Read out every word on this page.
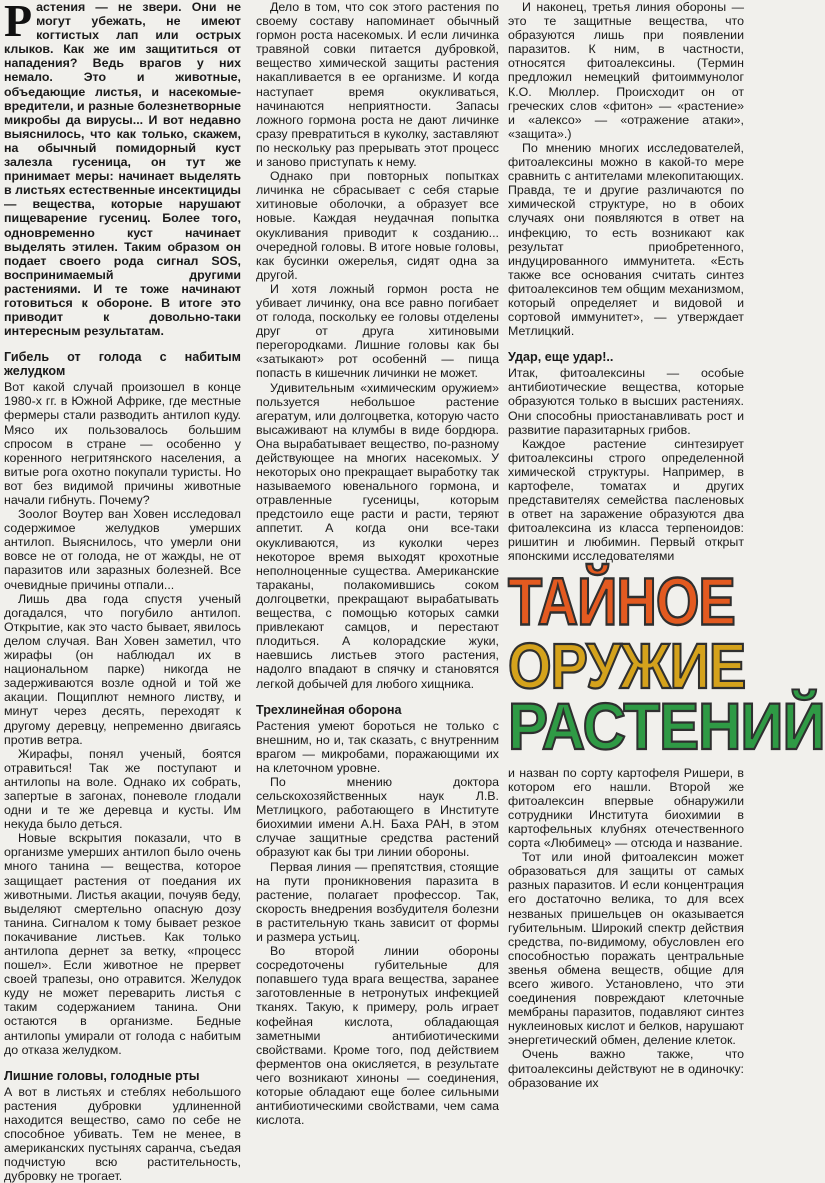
Р астения — не звери. Они не могут убежать, не имеют когтистых лап или острых клыков. Как же им защититься от нападения? Ведь врагов у них немало. Это и животные, объедающие листья, и насекомые-вредители, и разные болезнетворные микробы да вирусы... И вот недавно выяснилось, что как только, скажем, на обычный помидорный куст залезла гусеница, он тут же принимает меры: начинает выделять в листьях естественные инсектициды — вещества, которые нарушают пищеварение гусениц. Более того, одновременно куст начинает выделять этилен. Таким образом он подает своего рода сигнал SOS, воспринимаемый другими растениями. И те тоже начинают готовиться к обороне. В итоге это приводит к довольно-таки интересным результатам.

Гибель от голода с набитым желудком

Вот какой случай произошел в конце 1980-х гг. в Южной Африке, где местные фермеры стали разводить антилоп куду. Мясо их пользовалось большим спросом в стране — особенно у коренного негритянского населения, а витые рога охотно покупали туристы. Но вот без видимой причины животные начали гибнуть. Почему?

Зоолог Воутер ван Ховен исследовал содержимое желудков умерших антилоп. Выяснилось, что умерли они вовсе не от голода, не от жажды, не от паразитов или заразных болезней. Все очевидные причины отпали...

Лишь два года спустя ученый догадался, что погубило антилоп. Открытие, как это часто бывает, явилось делом случая. Ван Ховен заметил, что жирафы (он наблюдал их в национальном парке) никогда не задерживаются возле одной и той же акации. Пощиплют немного листву, и минут через десять, переходят к другому деревцу, непременно двигаясь против ветра.

Жирафы, понял ученый, боятся отравиться! Так же поступают и антилопы на воле. Однако их собрать, запертые в загонах, поневоле глодали одни и те же деревца и кусты. Им некуда было деться.

Новые вскрытия показали, что в организме умерших антилоп было очень много танина — вещества, которое защищает растения от поедания их животными. Листья акации, почуяв беду, выделяют смертельно опасную дозу танина. Сигналом к тому бывает резкое покачивание листьев. Как только антилопа дернет за ветку, «процесс пошел». Если животное не прервет своей трапезы, оно отравится. Желудок куду не может переварить листья с таким содержанием танина. Они остаются в организме. Бедные антилопы умирали от голода с набитым до отказа желудком.

Лишние головы, голодные рты

А вот в листьях и стеблях небольшого растения дубровки удлиненной находится вещество, само по себе не способное убивать. Тем не менее, в американских пустынях саранча, съедая подчистую всю растительность, дубровку не трогает.

Дело в том, что сок этого растения по своему составу напоминает обычный гормон роста насекомых. И если личинка травяной совки питается дубровкой, вещество химической защиты растения накапливается в ее организме. И когда наступает время окукливаться, начинаются неприятности. Запасы ложного гормона роста не дают личинке сразу превратиться в куколку, заставляют по нескольку раз прерывать этот процесс и заново приступать к нему.

Однако при повторных попытках личинка не сбрасывает с себя старые хитиновые оболочки, а образует все новые. Каждая неудачная попытка окукливания приводит к созданию... очередной головы. В итоге новые головы, как бусинки ожерелья, сидят одна за другой.

И хотя ложный гормон роста не убивает личинку, она все равно погибает от голода, поскольку ее головы отделены друг от друга хитиновыми перегородками. Лишние головы как бы «затыкают» рот особеннй — пища попасть в кишечник личинки не может.

Удивительным «химическим оружием» пользуется небольшое растение агератум, или долгоцветка, которую часто высаживают на клумбы в виде бордюра. Она вырабатывает вещество, по-разному действующее на многих насекомых. У некоторых оно прекращает выработку так называемого ювенального гормона, и отравленные гусеницы, которым предстоило еще расти и расти, теряют аппетит. А когда они все-таки окукливаются, из куколки через некоторое время выходят крохотные неполноценные существа. Американские тараканы, полакомившись соком долгоцветки, прекращают вырабатывать вещества, с помощью которых самки привлекают самцов, и перестают плодиться. А колорадские жуки, наевшись листьев этого растения, надолго впадают в спячку и становятся легкой добычей для любого хищника.

Трехлинейная оборона

Растения умеют бороться не только с внешним, но и, так сказать, с внутренним врагом — микробами, поражающими их на клеточном уровне.

По мнению доктора сельскохозяйственных наук Л.В. Метлицкого, работающего в Институте биохимии имени А.Н. Баха РАН, в этом случае защитные средства растений образуют как бы три линии обороны.

Первая линия — препятствия, стоящие на пути проникновения паразита в растение, полагает профессор. Так, скорость внедрения возбудителя болезни в растительную ткань зависит от формы и размера устьиц.

Во второй линии обороны сосредоточены губительные для попавшего туда врага вещества, заранее заготовленные в нетронутых инфекцией тканях. Такую, к примеру, роль играет кофейная кислота, обладающая заметными антибиотическими свойствами. Кроме того, под действием ферментов она окисляется, в результате чего возникают хиноны — соединения, которые обладают еще более сильными антибиотическими свойствами, чем сама кислота.

И наконец, третья линия обороны — это те защитные вещества, что образуются лишь при появлении паразитов. К ним, в частности, относятся фитоалексины. (Термин предложил немецкий фитоиммунолог К.О. Мюллер. Происходит он от греческих слов «фитон» — «растение» и «алексо» — «отражение атаки», «защита».)

По мнению многих исследователей, фитоалексины можно в какой-то мере сравнить с антителами млекопитающих. Правда, те и другие различаются по химической структуре, но в обоих случаях они появляются в ответ на инфекцию, то есть возникают как результат приобретенного, индуцированного иммунитета. «Есть также все основания считать синтез фитоалексинов тем общим механизмом, который определяет и видовой и сортовой иммунитет», — утверждает Метлицкий.

Удар, еще удар!..

Итак, фитоалексины — особые антибиотические вещества, которые образуются только в высших растениях. Они способны приостанавливать рост и развитие паразитарных грибов.

Каждое растение синтезирует фитоалексины строго определенной химической структуры. Например, в картофеле, томатах и других представителях семейства пасленовых в ответ на заражение образуются два фитоалексина из класса терпеноидов: ришитин и любимин. Первый открыт японскими исследователями

ТАЙНОЕ
ОРУЖИЕ
РАСТЕНИЙ

и назван по сорту картофеля Ришери, в котором его нашли. Второй же фитоалексин впервые обнаружили сотрудники Института биохимии в картофельных клубнях отечественного сорта «Любимец» — отсюда и название.

Тот или иной фитоалексин может образоваться для защиты от самых разных паразитов. И если концентрация его достаточно велика, то для всех незваных пришельцев он оказывается губительным. Широкий спектр действия средства, по-видимому, обусловлен его способностью поражать центральные звенья обмена веществ, общие для всего живого. Установлено, что эти соединения повреждают клеточные мембраны паразитов, подавляют синтез нуклеиновых кислот и белков, нарушают энергетический обмен, деление клеток.

Очень важно также, что фитоалексины действуют не в одиночку: образование их
